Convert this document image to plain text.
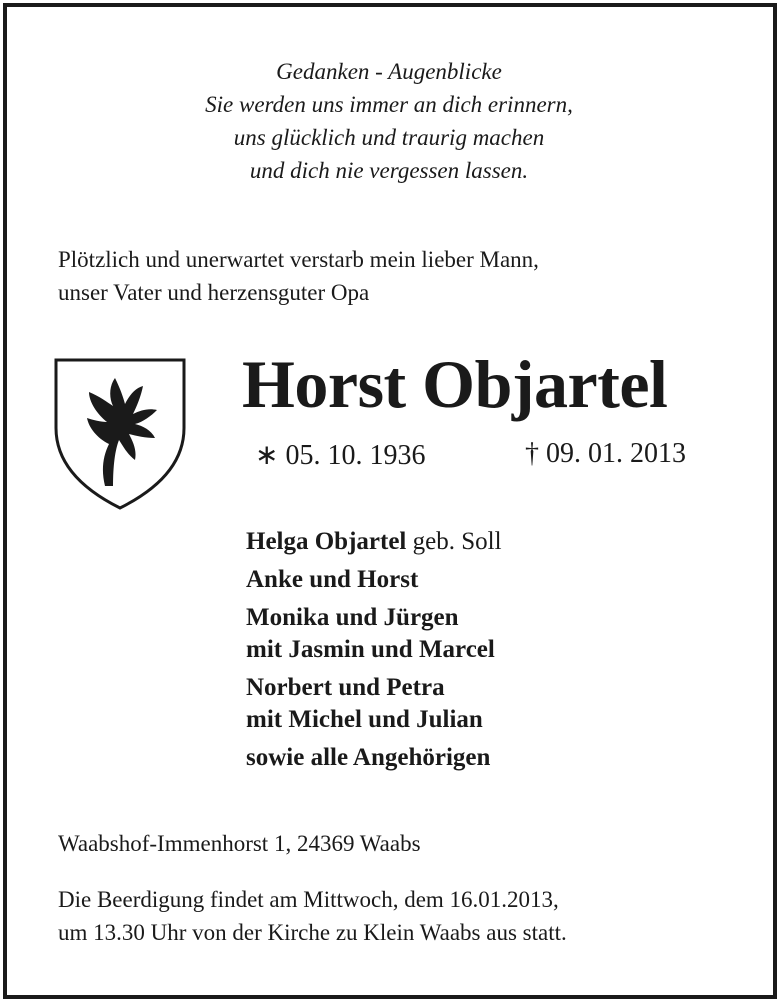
Gedanken - Augenblicke
Sie werden uns immer an dich erinnern,
uns glücklich und traurig machen
und dich nie vergessen lassen.
Plötzlich und unerwartet verstarb mein lieber Mann,
unser Vater und herzensguter Opa
Horst Objartel
∗ 05. 10. 1936	† 09. 01. 2013
Helga Objartel geb. Soll
Anke und Horst
Monika und Jürgen
mit Jasmin und Marcel
Norbert und Petra
mit Michel und Julian
sowie alle Angehörigen
Waabshof-Immenhorst 1, 24369 Waabs
Die Beerdigung findet am Mittwoch, dem 16.01.2013,
um 13.30 Uhr von der Kirche zu Klein Waabs aus statt.
